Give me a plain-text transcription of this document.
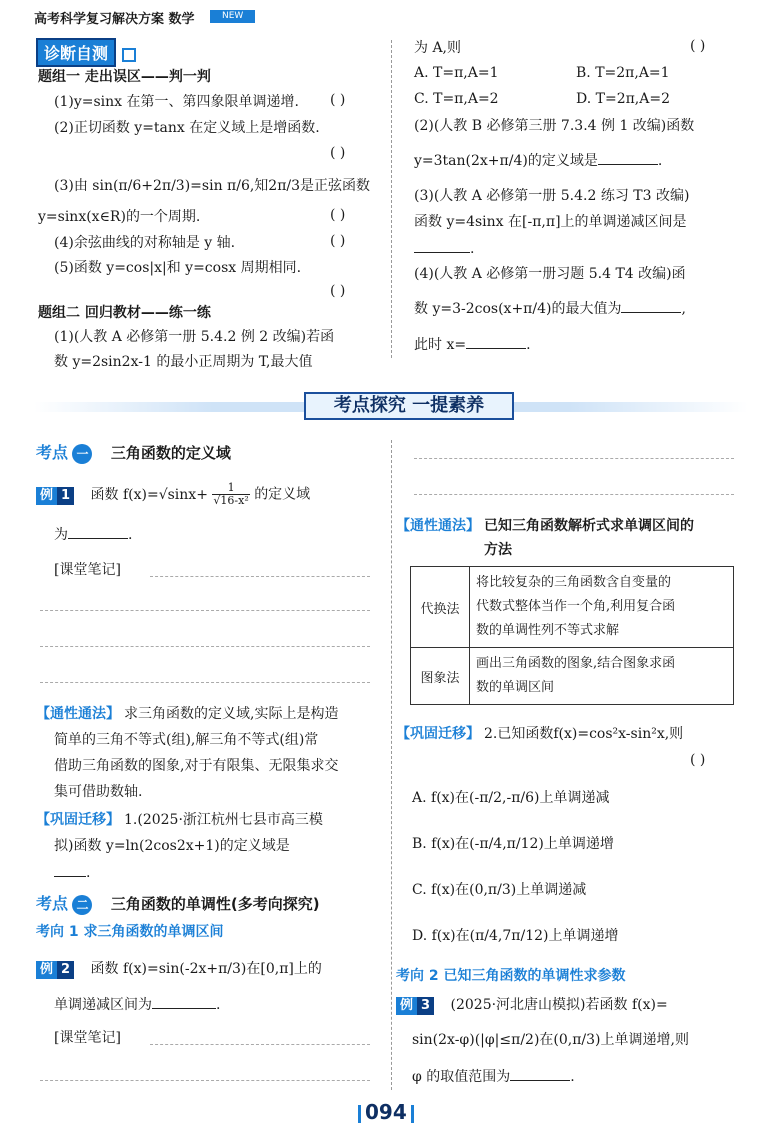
高考科学复习解决方案 数学	NEW
诊断自测
题组一 走出误区——判一判
(1)y=sinx 在第一、第四象限单调递增. ( )
(2)正切函数 y=tanx 在定义域上是增函数.
( )
(3)由 sin(π/6+2π/3)=sin π/6,知2π/3是正弦函数
y=sinx(x∈R)的一个周期.	( )
(4)余弦曲线的对称轴是 y 轴.	( )
(5)函数 y=cos|x|和 y=cosx 周期相同.
( )
题组二 回归教材——练一练
(1)(人教 A 必修第一册 5.4.2 例 2 改编)若函
数 y=2sin2x-1 的最小正周期为 T,最大值
为 A,则	( )
A. T=π,A=1	B. T=2π,A=1
C. T=π,A=2	D. T=2π,A=2
(2)(人教 B 必修第三册 7.3.4 例 1 改编)函数
y=3tan(2x+π/4)的定义域是	.
(3)(人教 A 必修第一册 5.4.2 练习 T3 改编)
函数 y=4sinx 在[-π,π]上的单调递减区间是
.
(4)(人教 A 必修第一册习题 5.4 T4 改编)函
数 y=3-2cos(x+π/4)的最大值为	,
此时 x=	.
考点探究 一提素养
考点 一 三角函数的定义域
例 1 函数 $f(x)=√\sin x+ \frac{1}{\text{√16-x²}}$ 的定义域
为	.
[课堂笔记]
【通性通法】 求三角函数的定义域,实际上是构造
简单的三角不等式(组),解三角不等式(组)常
借助三角函数的图象,对于有限集、无限集求交
集可借助数轴.
【巩固迁移】 1.(2025·浙江杭州七县市高三模
拟)函数 y=ln(2cos2x+1)的定义域是
.
考点 二 三角函数的单调性(多考向探究)
考向 1 求三角函数的单调区间
例 2 函数 f(x)=sin(-2x+π/3)在[0,π]上的
单调递减区间为	.
[课堂笔记]
【通性通法】 已知三角函数解析式求单调区间的
方法
代换法	将比较复杂的三角函数含自变量的
代数式整体当作一个角,利用复合函
数的单调性列不等式求解

图象法	画出三角函数的图象,结合图象求函
数的单调区间
【巩固迁移】 2.已知函数f(x)=cos²x-sin²x,则
( )
A. f(x)在(-π/2,-π/6)上单调递减
B. f(x)在(-π/4,π/12)上单调递增
C. f(x)在(0,π/3)上单调递减
D. f(x)在(π/4,7π/12)上单调递增
考向 2 已知三角函数的单调性求参数
例 3 (2025·河北唐山模拟)若函数 f(x)=
sin(2x-φ)(|φ|≤π/2)在(0,π/3)上单调递增,则
φ 的取值范围为	.
094
